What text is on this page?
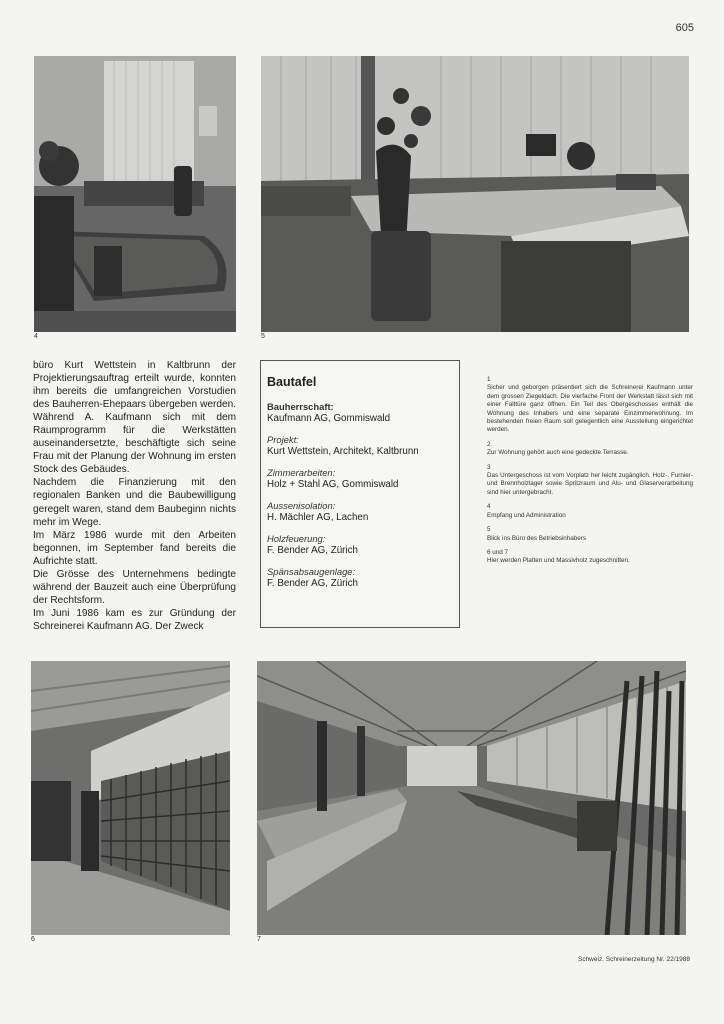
605
4	5

büro Kurt Wettstein in Kaltbrunn der Projektierungsauftrag erteilt wurde, konnten ihm bereits die umfangreichen Vorstudien des Bauherren-Ehepaars übergeben werden. Während A. Kaufmann sich mit dem Raumprogramm für die Werkstätten auseinandersetzte, beschäftigte sich seine Frau mit der Planung der Wohnung im ersten Stock des Gebäudes.

Nachdem die Finanzierung mit den regionalen Banken und die Baubewilligung geregelt waren, stand dem Baubeginn nichts mehr im Wege.

Im März 1986 wurde mit den Arbeiten begonnen, im September fand bereits die Aufrichte statt.

Die Grösse des Unternehmens bedingte während der Bauzeit auch eine Überprüfung der Rechtsform.

Im Juni 1986 kam es zur Gründung der Schreinerei Kaufmann AG. Der Zweck

Bautafel
Bauherrschaft:
Kaufmann AG, Gommiswald
Projekt:
Kurt Wettstein, Architekt, Kaltbrunn
Zimmerarbeiten:
Holz + Stahl AG, Gommiswald
Aussenisolation:
H. Mächler AG, Lachen
Holzfeuerung:
F. Bender AG, Zürich
Spänsabsaugenlage:
F. Bender AG, Zürich
1
Sicher und geborgen präsentiert sich die Schreinerei Kaufmann unter dem grossen Ziegeldach. Die vierfache Front der Werkstatt lässt sich mit einer Falttüre ganz öffnen. Ein Teil des Obergeschosses enthält die Wohnung des Inhabers und eine separate Einzimmerwohnung. Im bestehenden freien Raum soll gelegentlich eine Ausstellung eingerichtet werden.
2
Zur Wohnung gehört auch eine gedeckte Terrasse.
3
Das Untergeschoss ist vom Vorplatz her leicht zugänglich. Holz-, Furnier- und Brennholzlager sowie Spritzraum und Alu- und Glaserverarbeitung sind hier untergebracht.
4
Empfang und Administration
5
Blick ins Büro des Betriebsinhabers
6 und 7
Hier werden Platten und Massivholz zugeschnitten.
6	7
Schweiz. Schreinerzeitung Nr. 22/1988
